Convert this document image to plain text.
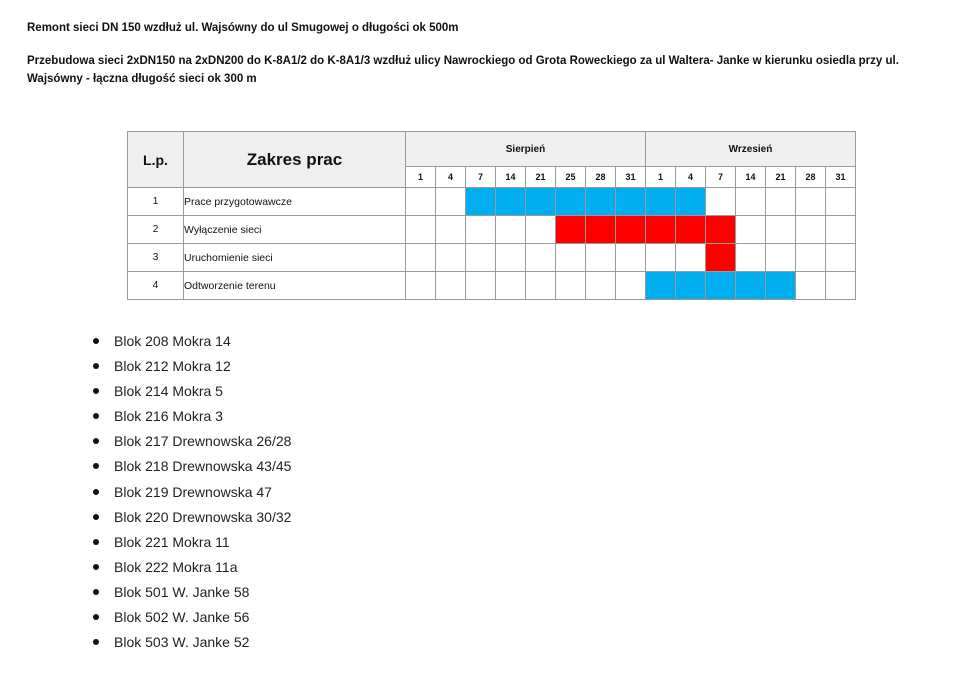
Remont sieci DN 150 wzdłuż ul. Wajsówny do ul Smugowej o długości ok 500m
Przebudowa sieci 2xDN150 na 2xDN200 do K-8A1/2 do K-8A1/3 wzdłuż ulicy Nawrockiego od Grota Roweckiego za ul Waltera- Janke w kierunku osiedla przy ul. Wajsówny - łączna długość sieci ok 300 m
L.p.	Zakres prac	Sierpień								Wrzesień						
		1	4	7	14	21	25	28	31	1	4	7	14	21	28	31
1	Prace przygotowawcze															
2	Wyłączenie sieci															
3	Uruchomienie sieci															
4	Odtworzenie terenu															
Blok 208 Mokra 14
Blok 212 Mokra 12
Blok 214 Mokra 5
Blok 216 Mokra 3
Blok 217 Drewnowska 26/28
Blok 218 Drewnowska 43/45
Blok 219 Drewnowska 47
Blok 220 Drewnowska 30/32
Blok 221 Mokra 11
Blok 222 Mokra 11a
Blok 501 W. Janke 58
Blok 502 W. Janke 56
Blok 503 W. Janke 52
